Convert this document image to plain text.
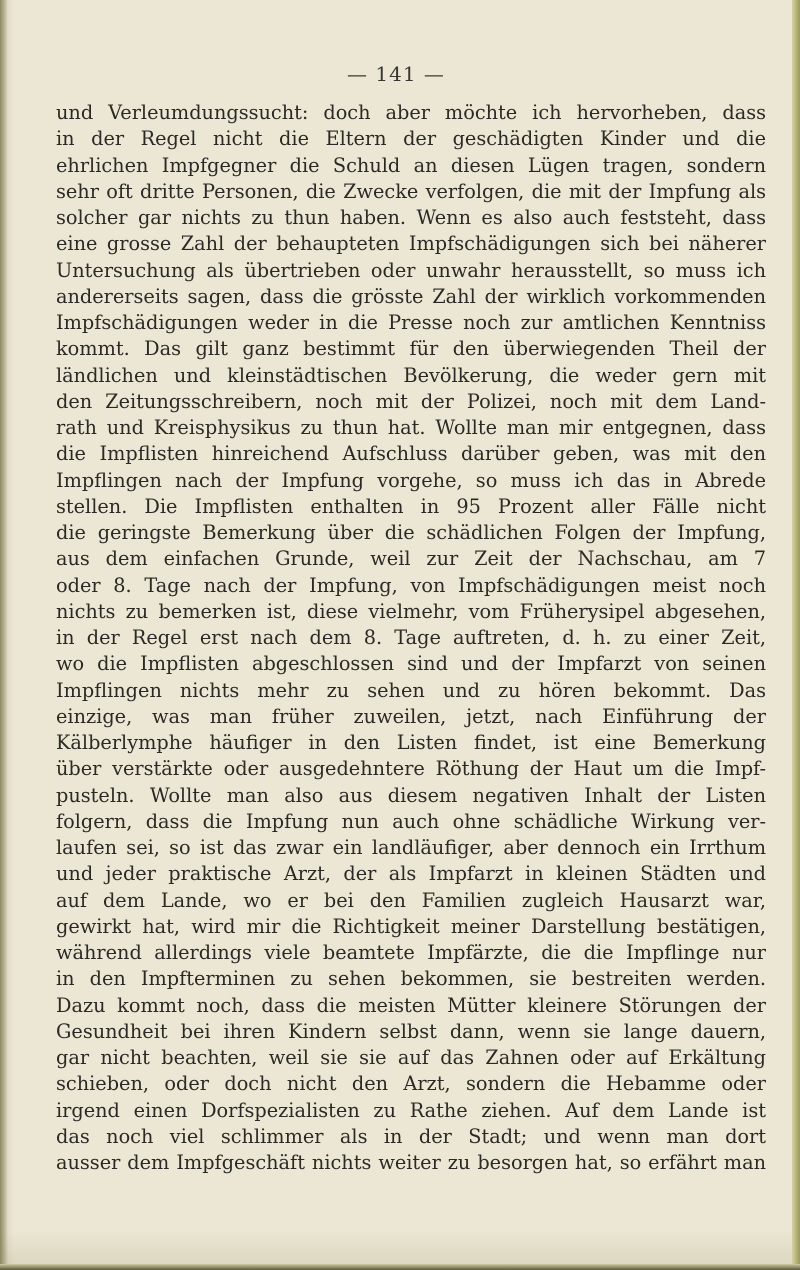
— 141 —
und Verleumdungssucht: doch aber möchte ich hervorheben, dass
in der Regel nicht die Eltern der geschädigten Kinder und die
ehrlichen Impfgegner die Schuld an diesen Lügen tragen, sondern
sehr oft dritte Personen, die Zwecke verfolgen, die mit der Impfung als
solcher gar nichts zu thun haben. Wenn es also auch feststeht, dass
eine grosse Zahl der behaupteten Impfschädigungen sich bei näherer
Untersuchung als übertrieben oder unwahr herausstellt, so muss ich
andererseits sagen, dass die grösste Zahl der wirklich vorkommenden
Impfschädigungen weder in die Presse noch zur amtlichen Kenntniss
kommt. Das gilt ganz bestimmt für den überwiegenden Theil der
ländlichen und kleinstädtischen Bevölkerung, die weder gern mit
den Zeitungsschreibern, noch mit der Polizei, noch mit dem Land-
rath und Kreisphysikus zu thun hat. Wollte man mir entgegnen, dass
die Impflisten hinreichend Aufschluss darüber geben, was mit den
Impflingen nach der Impfung vorgehe, so muss ich das in Abrede
stellen. Die Impflisten enthalten in 95 Prozent aller Fälle nicht
die geringste Bemerkung über die schädlichen Folgen der Impfung,
aus dem einfachen Grunde, weil zur Zeit der Nachschau, am 7
oder 8. Tage nach der Impfung, von Impfschädigungen meist noch
nichts zu bemerken ist, diese vielmehr, vom Früherysipel abgesehen,
in der Regel erst nach dem 8. Tage auftreten, d. h. zu einer Zeit,
wo die Impflisten abgeschlossen sind und der Impfarzt von seinen
Impflingen nichts mehr zu sehen und zu hören bekommt. Das
einzige, was man früher zuweilen, jetzt, nach Einführung der
Kälberlymphe häufiger in den Listen findet, ist eine Bemerkung
über verstärkte oder ausgedehntere Röthung der Haut um die Impf-
pusteln. Wollte man also aus diesem negativen Inhalt der Listen
folgern, dass die Impfung nun auch ohne schädliche Wirkung ver-
laufen sei, so ist das zwar ein landläufiger, aber dennoch ein Irrthum
und jeder praktische Arzt, der als Impfarzt in kleinen Städten und
auf dem Lande, wo er bei den Familien zugleich Hausarzt war,
gewirkt hat, wird mir die Richtigkeit meiner Darstellung bestätigen,
während allerdings viele beamtete Impfärzte, die die Impflinge nur
in den Impfterminen zu sehen bekommen, sie bestreiten werden.
Dazu kommt noch, dass die meisten Mütter kleinere Störungen der
Gesundheit bei ihren Kindern selbst dann, wenn sie lange dauern,
gar nicht beachten, weil sie sie auf das Zahnen oder auf Erkältung
schieben, oder doch nicht den Arzt, sondern die Hebamme oder
irgend einen Dorfspezialisten zu Rathe ziehen. Auf dem Lande ist
das noch viel schlimmer als in der Stadt; und wenn man dort
ausser dem Impfgeschäft nichts weiter zu besorgen hat, so erfährt man
